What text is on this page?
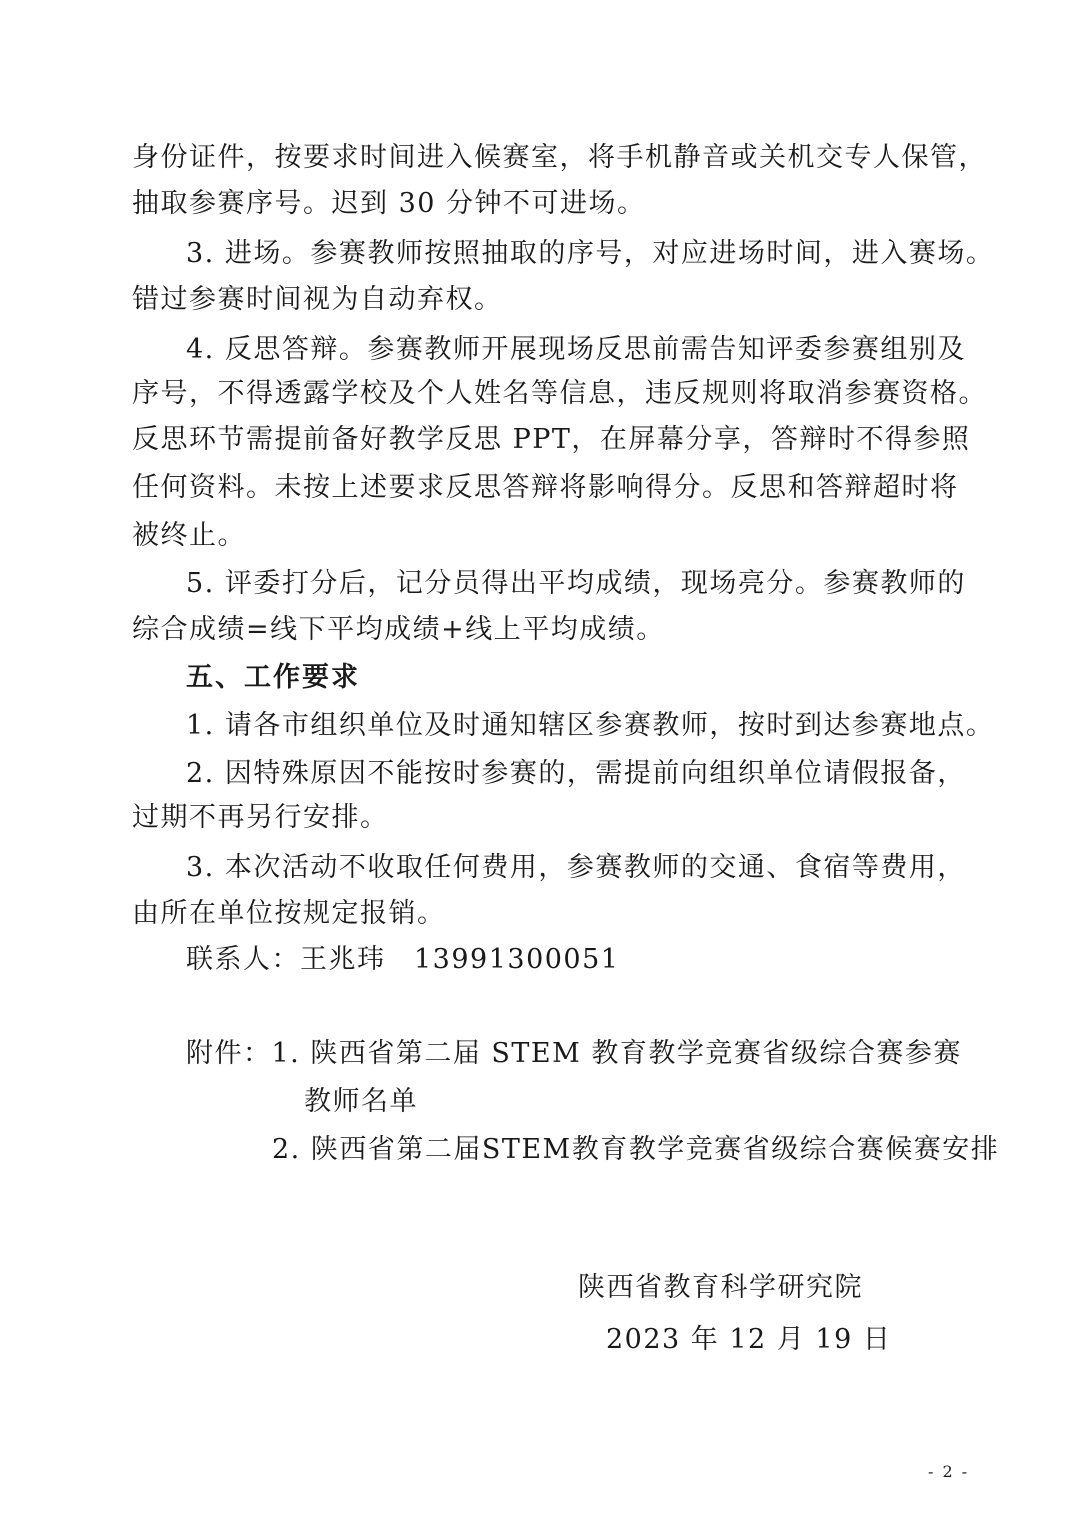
身份证件，按要求时间进入候赛室，将手机静音或关机交专人保管，
抽取参赛序号。迟到 30 分钟不可进场。
3. 进场。参赛教师按照抽取的序号，对应进场时间，进入赛场。
错过参赛时间视为自动弃权。
4. 反思答辩。参赛教师开展现场反思前需告知评委参赛组别及
序号，不得透露学校及个人姓名等信息，违反规则将取消参赛资格。
反思环节需提前备好教学反思 PPT，在屏幕分享，答辩时不得参照
任何资料。未按上述要求反思答辩将影响得分。反思和答辩超时将
被终止。
5. 评委打分后，记分员得出平均成绩，现场亮分。参赛教师的
综合成绩=线下平均成绩+线上平均成绩。
五、工作要求
1. 请各市组织单位及时通知辖区参赛教师，按时到达参赛地点。
2. 因特殊原因不能按时参赛的，需提前向组织单位请假报备，
过期不再另行安排。
3. 本次活动不收取任何费用，参赛教师的交通、食宿等费用，
由所在单位按规定报销。
联系人：王兆玮　13991300051
附件：1. 陕西省第二届 STEM 教育教学竞赛省级综合赛参赛
教师名单
2. 陕西省第二届STEM教育教学竞赛省级综合赛候赛安排
陕西省教育科学研究院
2023 年 12 月 19 日
- 2 -
